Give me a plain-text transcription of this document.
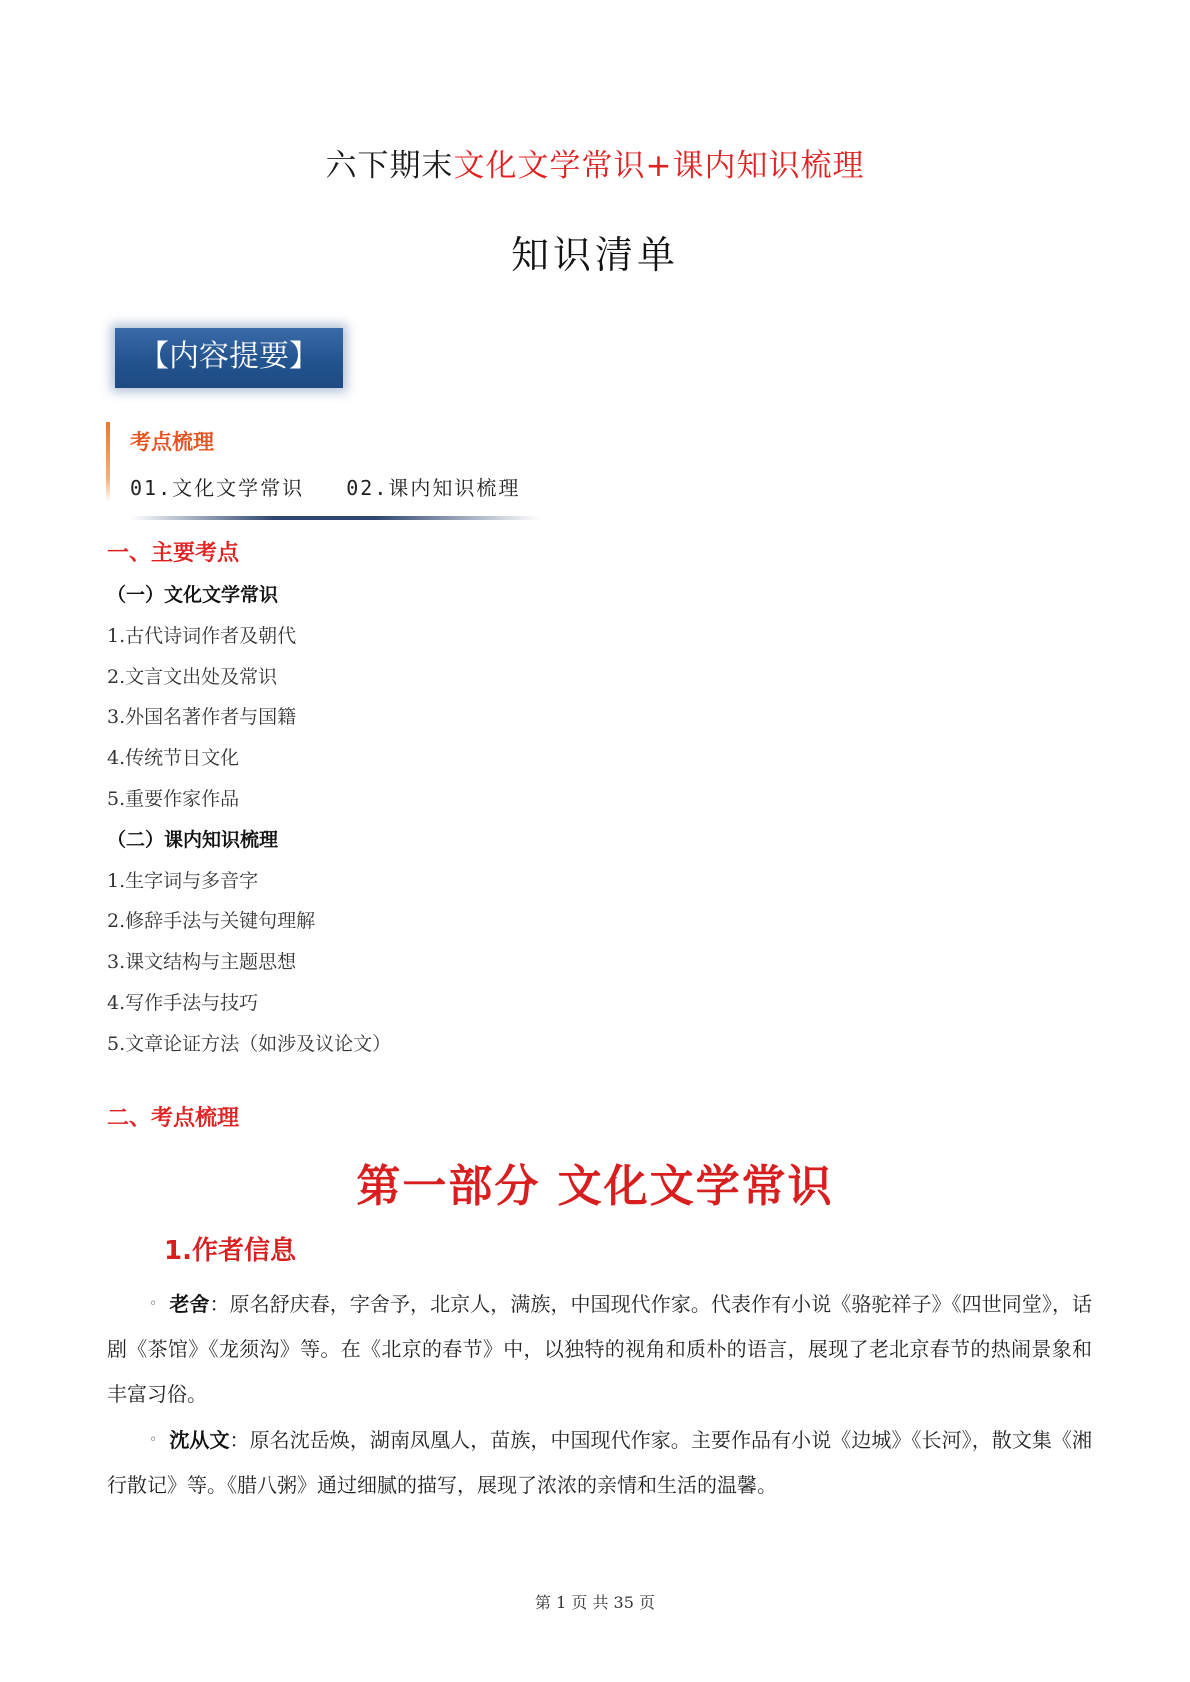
六下期末文化文学常识+课内知识梳理
知识清单
【内容提要】
考点梳理
01.文化文学常识   02.课内知识梳理
一、主要考点
（一）文化文学常识
1.古代诗词作者及朝代
2.文言文出处及常识
3.外国名著作者与国籍
4.传统节日文化
5.重要作家作品
（二）课内知识梳理
1.生字词与多音字
2.修辞手法与关键句理解
3.课文结构与主题思想
4.写作手法与技巧
5.文章论证方法（如涉及议论文）
二、考点梳理
第一部分 文化文学常识
1.作者信息
◦ 老舍：原名舒庆春，字舍予，北京人，满族，中国现代作家。代表作有小说《骆驼祥子》《四世同堂》，话剧《茶馆》《龙须沟》等。在《北京的春节》中，以独特的视角和质朴的语言，展现了老北京春节的热闹景象和丰富习俗。
◦ 沈从文：原名沈岳焕，湖南凤凰人，苗族，中国现代作家。主要作品有小说《边城》《长河》，散文集《湘行散记》等。《腊八粥》通过细腻的描写，展现了浓浓的亲情和生活的温馨。
第 1 页 共 35 页
